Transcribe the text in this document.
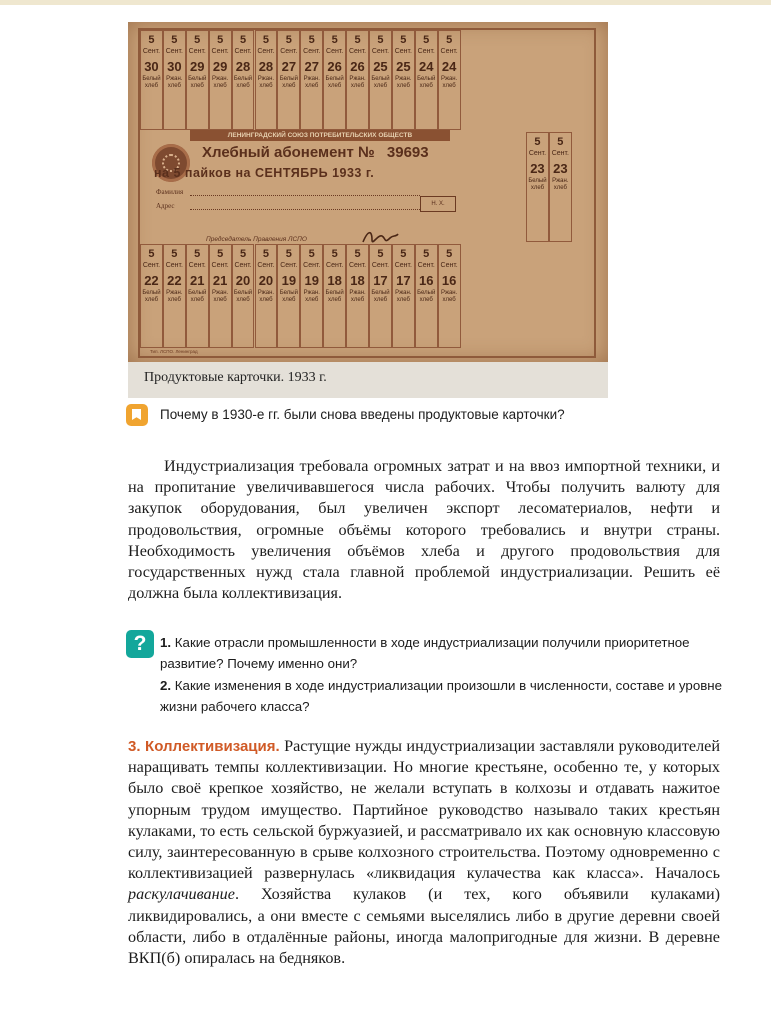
5
Сент.
30
Белый хлеб
5
Сент.
30
Ржан. хлеб
5
Сент.
29
Белый хлеб
5
Сент.
29
Ржан. хлеб
5
Сент.
28
Белый хлеб
5
Сент.
28
Ржан. хлеб
5
Сент.
27
Белый хлеб
5
Сент.
27
Ржан. хлеб
5
Сент.
26
Белый хлеб
5
Сент.
26
Ржан. хлеб
5
Сент.
25
Белый хлеб
5
Сент.
25
Ржан. хлеб
5
Сент.
24
Белый хлеб
5
Сент.
24
Ржан. хлеб
5
Сент.
22
Белый хлеб
5
Сент.
22
Ржан. хлеб
5
Сент.
21
Белый хлеб
5
Сент.
21
Ржан. хлеб
5
Сент.
20
Белый хлеб
5
Сент.
20
Ржан. хлеб
5
Сент.
19
Белый хлеб
5
Сент.
19
Ржан. хлеб
5
Сент.
18
Белый хлеб
5
Сент.
18
Ржан. хлеб
5
Сент.
17
Белый хлеб
5
Сент.
17
Ржан. хлеб
5
Сент.
16
Белый хлеб
5
Сент.
16
Ржан. хлеб
5
Сент.
23
Белый хлеб
5
Сент.
23
Ржан. хлеб
ЛЕНИНГРАДСКИЙ СОЮЗ ПОТРЕБИТЕЛЬСКИХ ОБЩЕСТВ
Хлебный абонемент № 39693
на 5 пайков на СЕНТЯБРЬ 1933 г.
Фамилия
Адрес	Н. Х.
Председатель Правления ЛСПО
Тип. ЛСПО. Ленинград
Продуктовые карточки. 1933 г.
Почему в 1930-е гг. были снова введены продуктовые карточки?

Индустриализация требовала огромных затрат и на ввоз импортной техники, и на пропитание увеличивавшегося числа рабочих. Чтобы получить валюту для закупок оборудования, был увеличен экспорт лесоматериалов, нефти и продовольствия, огромные объёмы которого требовались и внутри страны. Необходимость увеличения объёмов хлеба и другого продовольствия для государственных нужд стала главной проблемой индустриализации. Решить её должна была коллективизация.

?	1. Какие отрасли промышленности в ходе индустриализации получили приоритетное развитие? Почему именно они?
2. Какие изменения в ходе индустриализации произошли в численности, составе и уровне жизни рабочего класса?

3. Коллективизация. Растущие нужды индустриализации заставляли руководителей наращивать темпы коллективизации. Но многие крестьяне, особенно те, у которых было своё крепкое хозяйство, не желали вступать в колхозы и отдавать нажитое упорным трудом имущество. Партийное руководство называло таких крестьян кулаками, то есть сельской буржуазией, и рассматривало их как основную классовую силу, заинтересованную в срыве колхозного строительства. Поэтому одновременно с коллективизацией развернулась «ликвидация кулачества как класса». Началось раскулачивание. Хозяйства кулаков (и тех, кого объявили кулаками) ликвидировались, а они вместе с семьями выселялись либо в другие деревни своей области, либо в отдалённые районы, иногда малопригодные для жизни. В деревне ВКП(б) опиралась на бедняков.
